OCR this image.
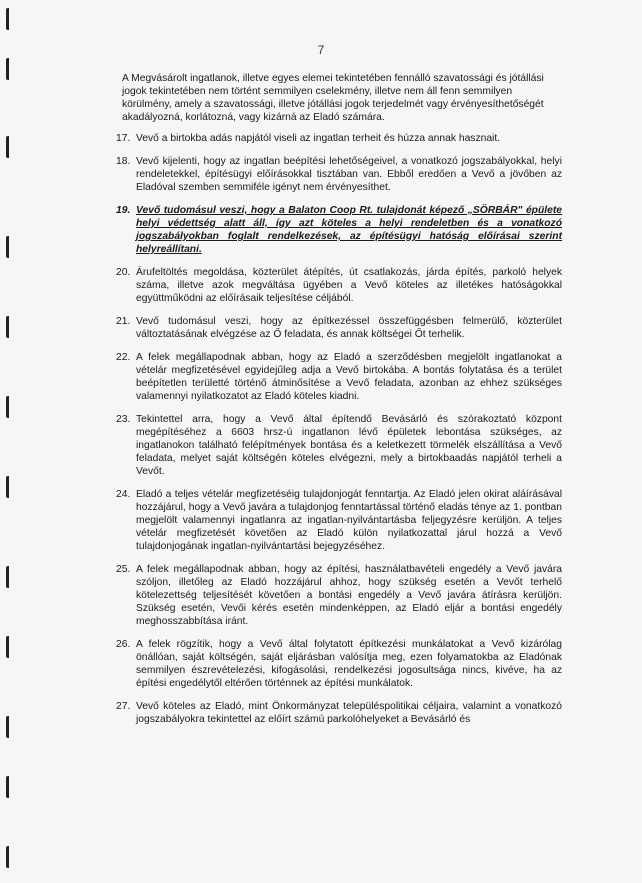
7

A Megvásárolt ingatlanok, illetve egyes elemei tekintetében fennálló szavatossági és jótállási jogok tekintetében nem történt semmilyen cselekmény, illetve nem áll fenn semmilyen körülmény, amely a szavatossági, illetve jótállási jogok terjedelmét vagy érvényesíthetőségét akadályozná, korlátozná, vagy kizárná az Eladó számára.

17. Vevő a birtokba adás napjától viseli az ingatlan terheit és húzza annak hasznait.
18. Vevő kijelenti, hogy az ingatlan beépítési lehetőségeivel, a vonatkozó jogszabályokkal, helyi rendeletekkel, építésügyi előírásokkal tisztában van. Ebből eredően a Vevő a jövőben az Eladóval szemben semmiféle igényt nem érvényesíthet.
19. Vevő tudomásul veszi, hogy a Balaton Coop Rt. tulajdonát képező „SÖRBÁR" épülete helyi védettség alatt áll, így azt köteles a helyi rendeletben és a vonatkozó jogszabályokban foglalt rendelkezések, az építésügyi hatóság előírásai szerint helyreállítani.
20. Árufeltöltés megoldása, közterület átépítés, út csatlakozás, járda építés, parkoló helyek száma, illetve azok megváltása ügyében a Vevő köteles az illetékes hatóságokkal együttműködni az előírásaik teljesítése céljából.
21. Vevő tudomásul veszi, hogy az építkezéssel összefüggésben felmerülő, közterület változtatásának elvégzése az Ő feladata, és annak költségei Őt terhelik.
22. A felek megállapodnak abban, hogy az Eladó a szerződésben megjelölt ingatlanokat a vételár megfizetésével egyidejűleg adja a Vevő birtokába. A bontás folytatása és a terület beépítetlen területté történő átminősítése a Vevő feladata, azonban az ehhez szükséges valamennyi nyilatkozatot az Eladó köteles kiadni.
23. Tekintettel arra, hogy a Vevő által építendő Bevásárló és szórakoztató központ megépítéséhez a 6603 hrsz-ú ingatlanon lévő épületek lebontása szükséges, az ingatlanokon található felépítmények bontása és a keletkezett törmelék elszállítása a Vevő feladata, melyet saját költségén köteles elvégezni, mely a birtokbaadás napjától terheli a Vevőt.
24. Eladó a teljes vételár megfizetéséig tulajdonjogát fenntartja. Az Eladó jelen okirat aláírásával hozzájárul, hogy a Vevő javára a tulajdonjog fenntartással történő eladás ténye az 1. pontban megjelölt valamennyi ingatlanra az ingatlan-nyilvántartásba feljegyzésre kerüljön. A teljes vételár megfizetését követően az Eladó külön nyilatkozattal járul hozzá a Vevő tulajdonjogának ingatlan-nyilvántartási bejegyzéséhez.
25. A felek megállapodnak abban, hogy az építési, használatbavételi engedély a Vevő javára szóljon, illetőleg az Eladó hozzájárul ahhoz, hogy szükség esetén a Vevőt terhelő kötelezettség teljesítését követően a bontási engedély a Vevő javára átírásra kerüljön. Szükség esetén, Vevői kérés esetén mindenképpen, az Eladó eljár a bontási engedély meghosszabbítása iránt.
26. A felek rögzítik, hogy a Vevő által folytatott építkezési munkálatokat a Vevő kizárólag önállóan, saját költségén, saját eljárásban valósítja meg, ezen folyamatokba az Eladónak semmilyen észrevételezési, kifogásolási, rendelkezési jogosultsága nincs, kivéve, ha az építési engedélytől eltérően történnek az építési munkálatok.
27. Vevő köteles az Eladó, mint Önkormányzat településpolitikai céljaira, valamint a vonatkozó jogszabályokra tekintettel az előírt számú parkolóhelyeket a Bevásárló és
